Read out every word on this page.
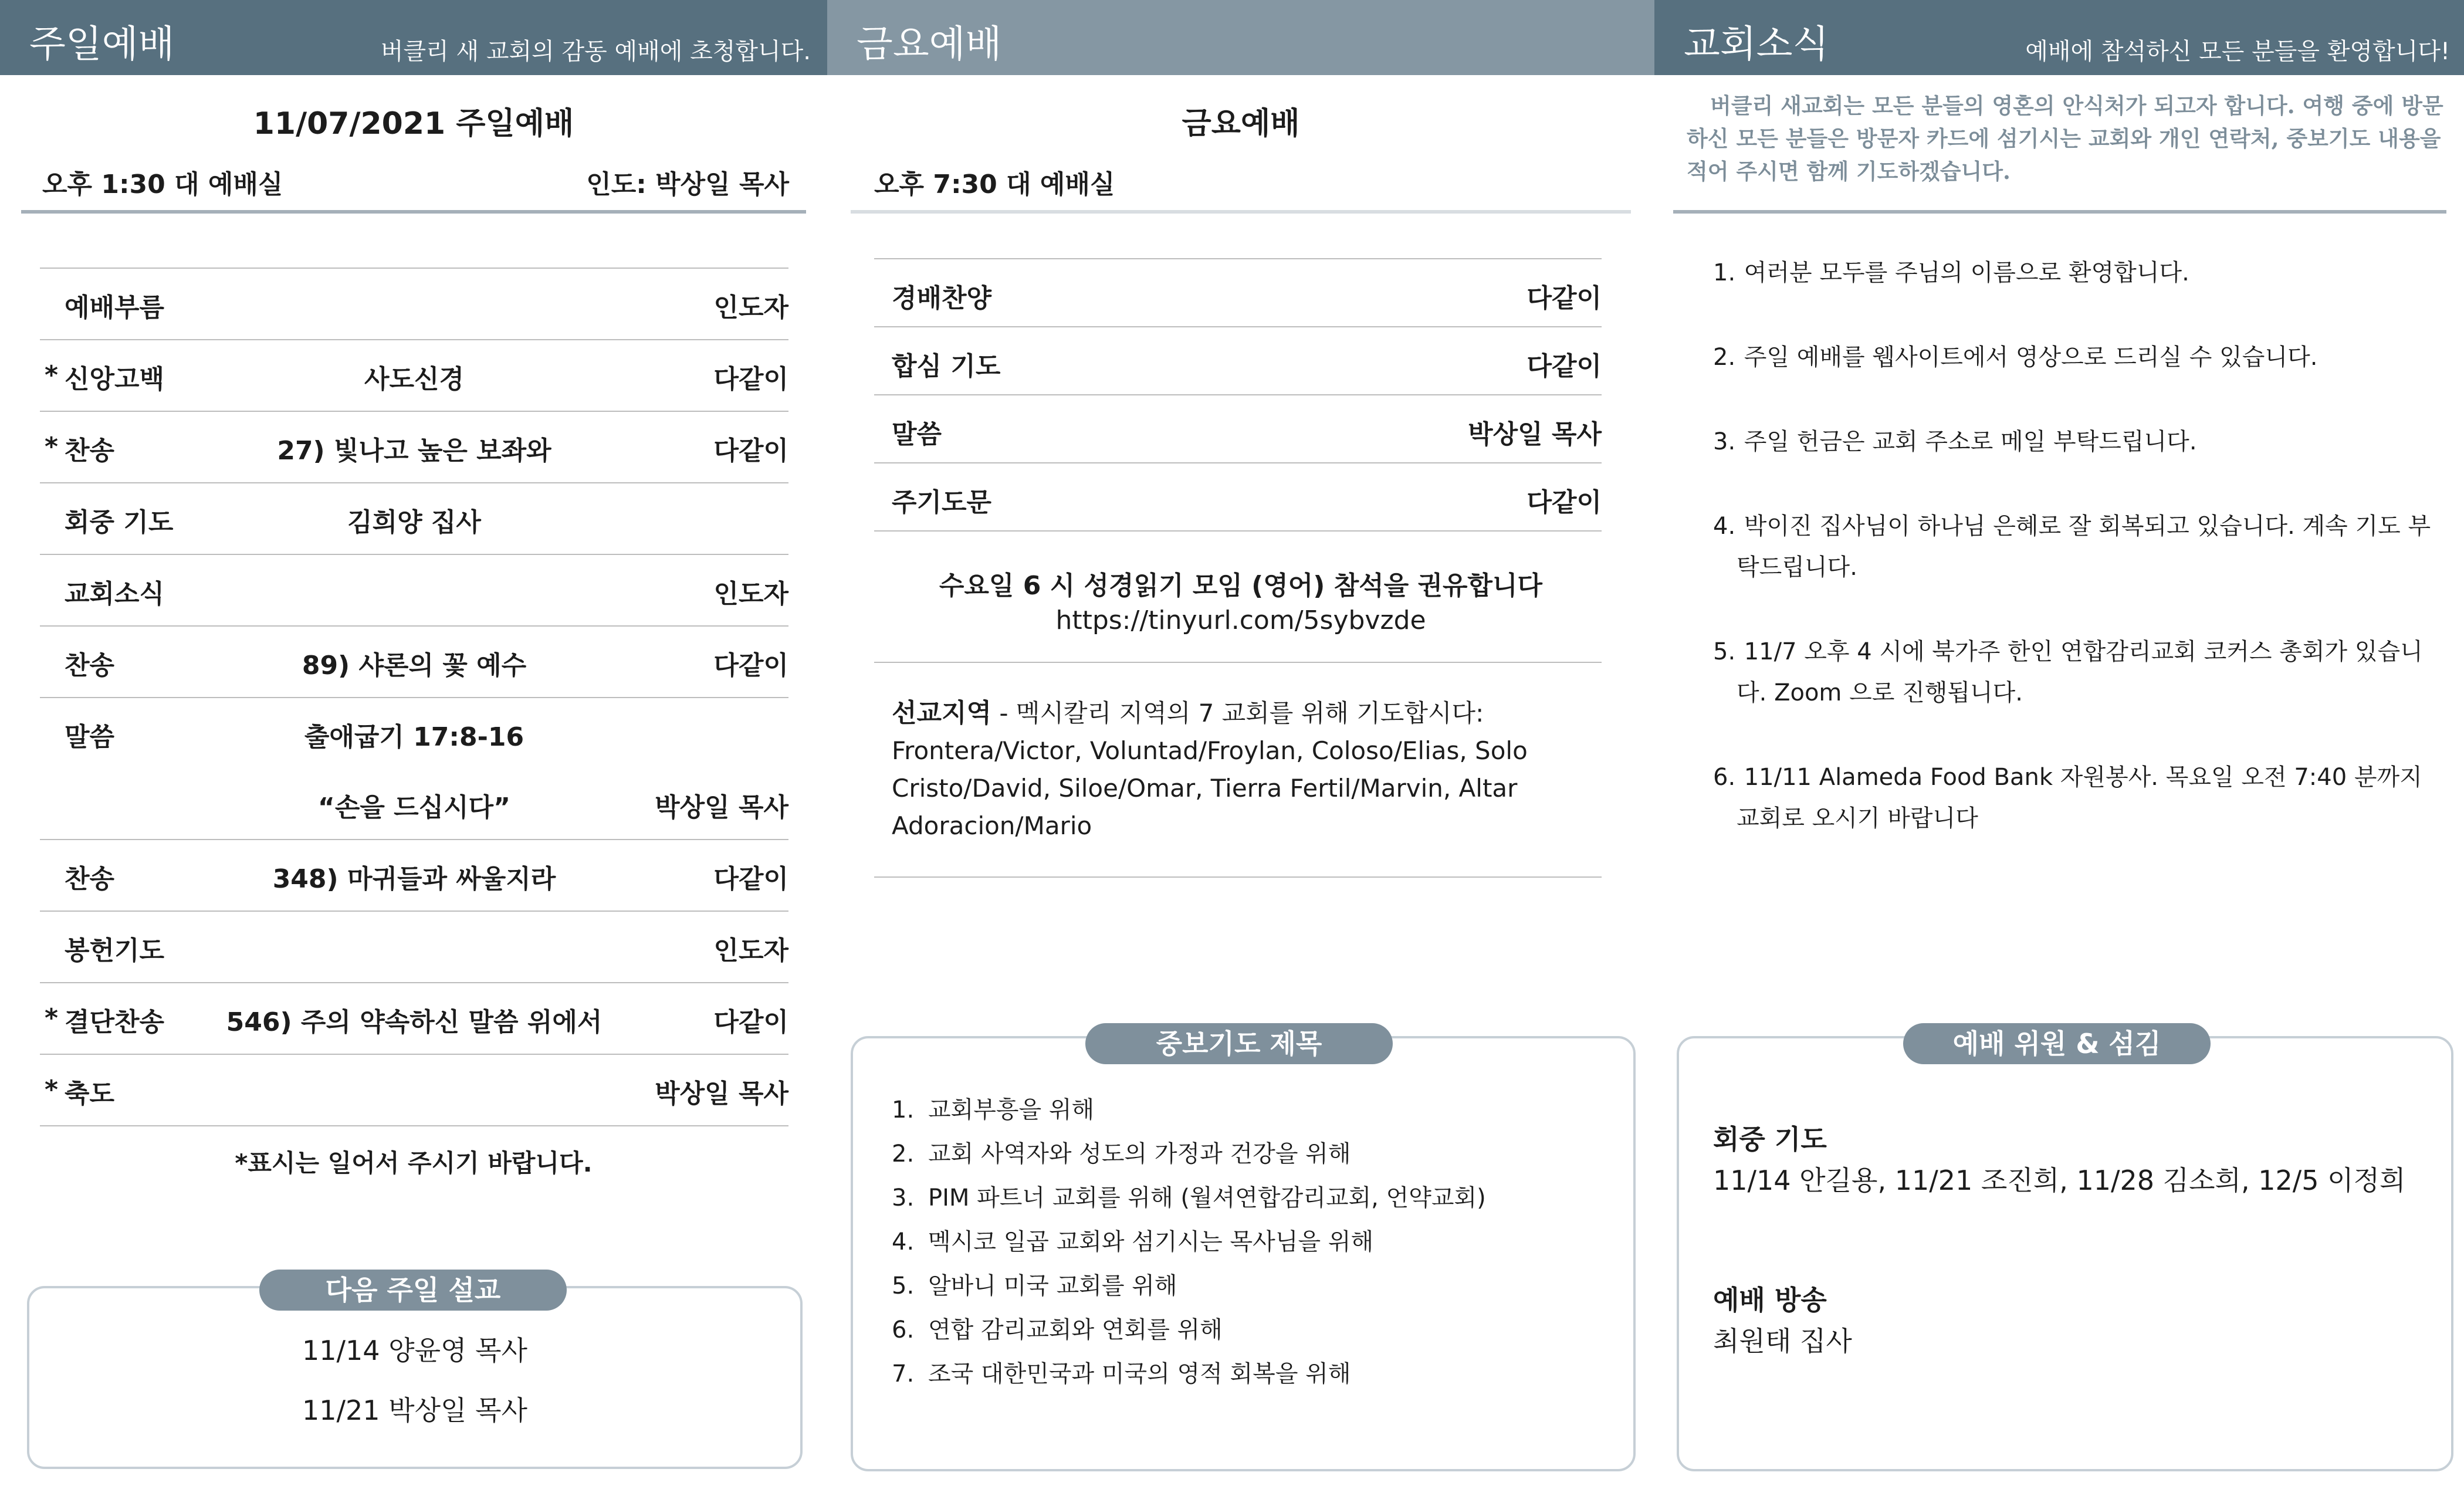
주일예배	버클리 새 교회의 감동 예배에 초청합니다.
11/07/2021 주일예배
오후 1:30 대 예배실	인도: 박상일 목사
예배부름	인도자
* 신앙고백	사도신경	다같이
* 찬송	27) 빛나고 높은 보좌와	다같이
회중 기도	김희양 집사
교회소식	인도자
찬송	89) 샤론의 꽃 예수	다같이
말씀	출애굽기 17:8-16
“손을 드십시다”	박상일 목사
찬송	348) 마귀들과 싸울지라	다같이
봉헌기도	인도자
* 결단찬송	546) 주의 약속하신 말씀 위에서	다같이
* 축도	박상일 목사
*표시는 일어서 주시기 바랍니다.
11/14 양윤영 목사
11/21 박상일 목사
다음 주일 설교
금요예배
금요예배
오후 7:30 대 예배실
경배찬양	다같이
합심 기도	다같이
말씀	박상일 목사
주기도문	다같이
수요일 6 시 성경읽기 모임 (영어) 참석을 권유합니다
https://tinyurl.com/5sybvzde
선교지역 - 멕시칼리 지역의 7 교회를 위해 기도합시다: Frontera/Victor, Voluntad/Froylan, Coloso/Elias, Solo Cristo/David, Siloe/Omar, Tierra Fertil/Marvin, Altar Adoracion/Mario
중보기도 제목
1. 교회부흥을 위해
2. 교회 사역자와 성도의 가정과 건강을 위해
3. PIM 파트너 교회를 위해 (월셔연합감리교회, 언약교회)
4. 멕시코 일곱 교회와 섬기시는 목사님을 위해
5. 알바니 미국 교회를 위해
6. 연합 감리교회와 연회를 위해
7. 조국 대한민국과 미국의 영적 회복을 위해
교회소식	예배에 참석하신 모든 분들을 환영합니다!
버클리 새교회는 모든 분들의 영혼의 안식처가 되고자 합니다. 여행 중에 방문하신 모든 분들은 방문자 카드에 섬기시는 교회와 개인 연락처, 중보기도 내용을 적어 주시면 함께 기도하겠습니다.
1. 여러분 모두를 주님의 이름으로 환영합니다.
2. 주일 예배를 웹사이트에서 영상으로 드리실 수 있습니다.
3. 주일 헌금은 교회 주소로 메일 부탁드립니다.
4. 박이진 집사님이 하나님 은혜로 잘 회복되고 있습니다. 계속 기도 부탁드립니다.
5. 11/7 오후 4 시에 북가주 한인 연합감리교회 코커스 총회가 있습니다. Zoom 으로 진행됩니다.
6. 11/11 Alameda Food Bank 자원봉사. 목요일 오전 7:40 분까지 교회로 오시기 바랍니다
예배 위원 & 섬김
회중 기도
11/14 안길용, 11/21 조진희, 11/28 김소희, 12/5 이정희
예배 방송
최원태 집사
